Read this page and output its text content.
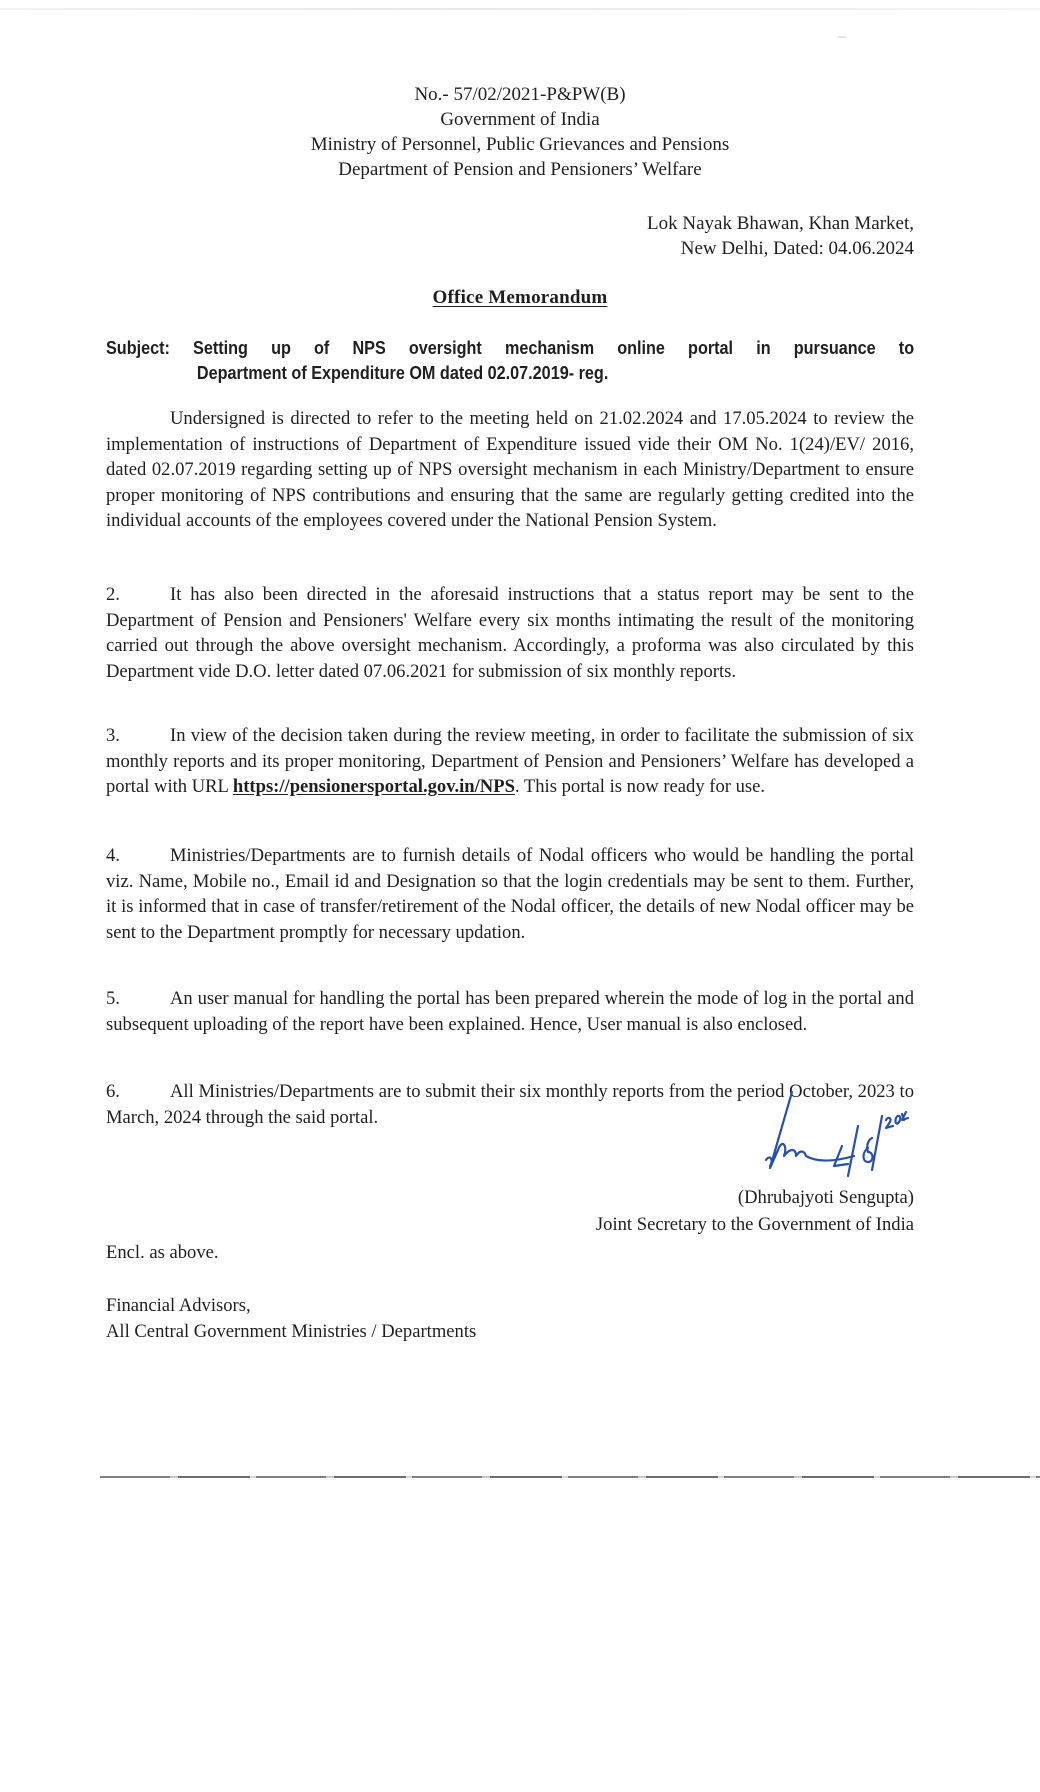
No.- 57/02/2021-P&PW(B)
Government of India
Ministry of Personnel, Public Grievances and Pensions
Department of Pension and Pensioners’ Welfare
Lok Nayak Bhawan, Khan Market,
New Delhi, Dated: 04.06.2024
Office Memorandum
Subject: Setting up of NPS oversight mechanism online portal in pursuance to
Department of Expenditure OM dated 02.07.2019- reg.
Undersigned is directed to refer to the meeting held on 21.02.2024 and 17.05.2024 to review the implementation of instructions of Department of Expenditure issued vide their OM No. 1(24)/EV/ 2016, dated 02.07.2019 regarding setting up of NPS oversight mechanism in each Ministry/Department to ensure proper monitoring of NPS contributions and ensuring that the same are regularly getting credited into the individual accounts of the employees covered under the National Pension System.
2.	It has also been directed in the aforesaid instructions that a status report may be sent to the Department of Pension and Pensioners' Welfare every six months intimating the result of the monitoring carried out through the above oversight mechanism. Accordingly, a proforma was also circulated by this Department vide D.O. letter dated 07.06.2021 for submission of six monthly reports.
3.	In view of the decision taken during the review meeting, in order to facilitate the submission of six monthly reports and its proper monitoring, Department of Pension and Pensioners’ Welfare has developed a portal with URL https://pensionersportal.gov.in/NPS. This portal is now ready for use.
4.	Ministries/Departments are to furnish details of Nodal officers who would be handling the portal viz. Name, Mobile no., Email id and Designation so that the login credentials may be sent to them. Further, it is informed that in case of transfer/retirement of the Nodal officer, the details of new Nodal officer may be sent to the Department promptly for necessary updation.
5.	An user manual for handling the portal has been prepared wherein the mode of log in the portal and subsequent uploading of the report have been explained. Hence, User manual is also enclosed.
6.	All Ministries/Departments are to submit their six monthly reports from the period October, 2023 to March, 2024 through the said portal.
(Dhrubajyoti Sengupta)
Joint Secretary to the Government of India
Encl. as above.
Financial Advisors,
All Central Government Ministries / Departments
